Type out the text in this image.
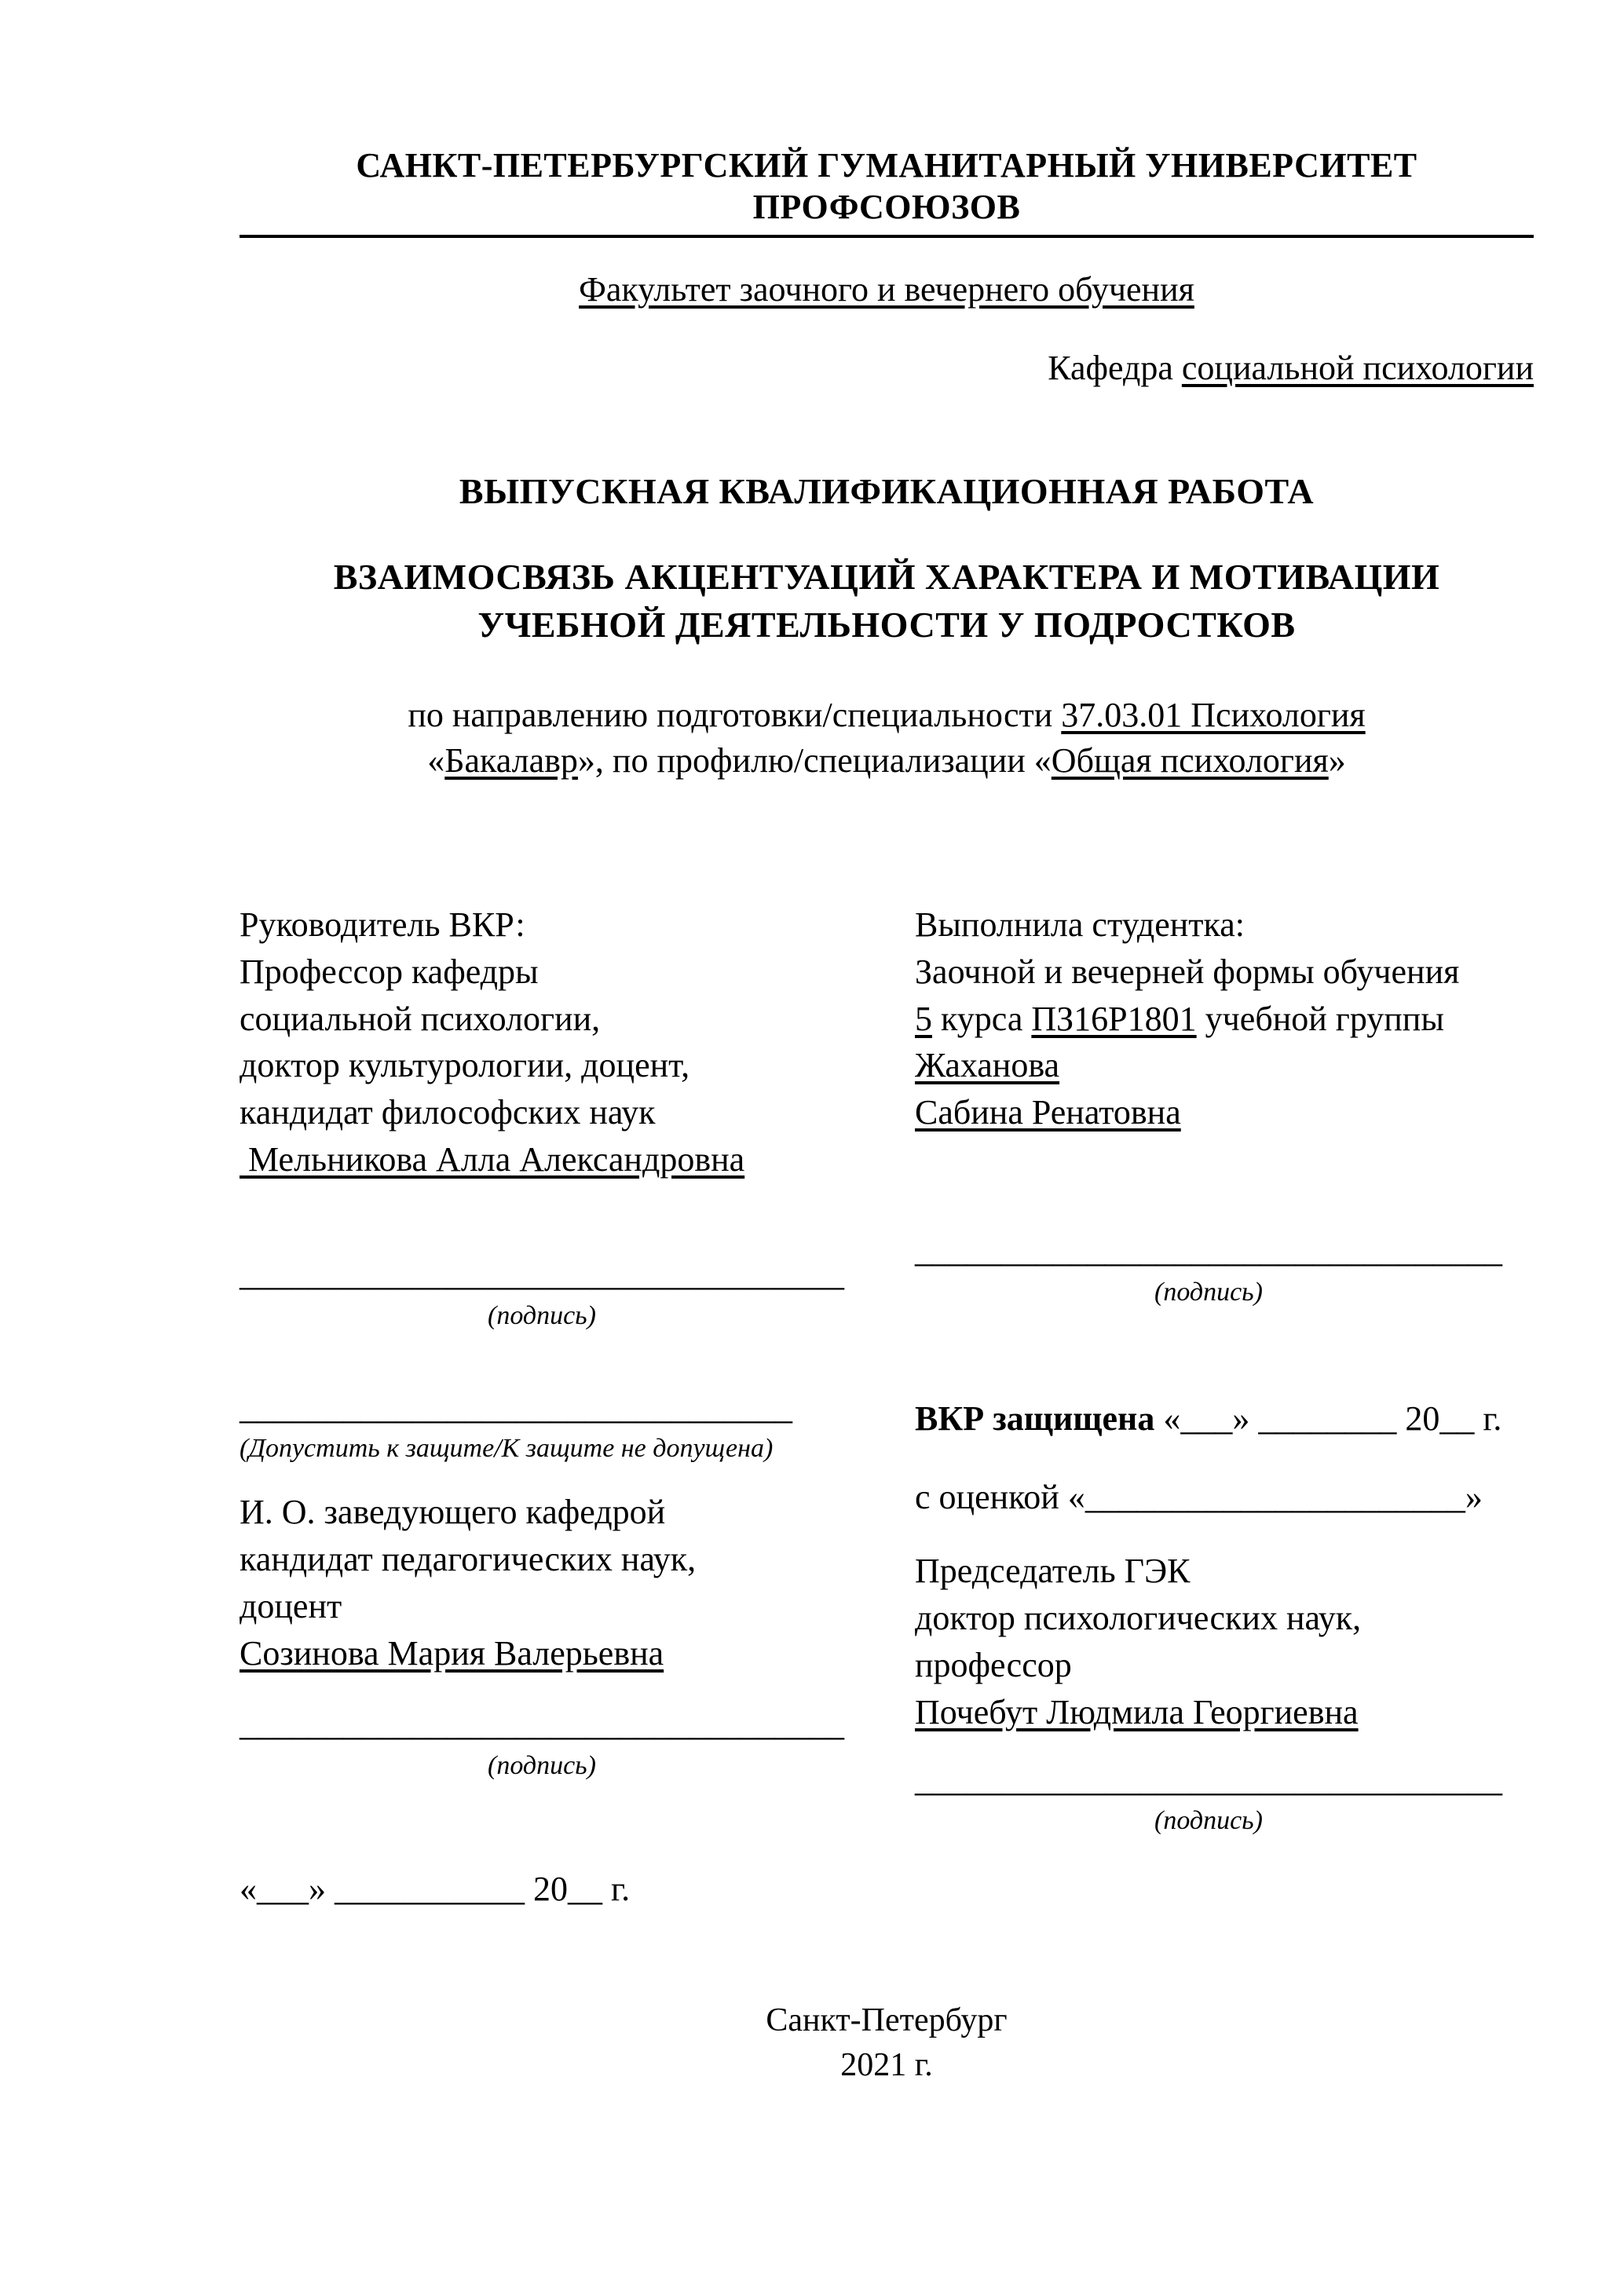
САНКТ-ПЕТЕРБУРГСКИЙ ГУМАНИТАРНЫЙ УНИВЕРСИТЕТ ПРОФСОЮЗОВ
Факультет заочного и вечернего обучения
Кафедра социальной психологии
ВЫПУСКНАЯ КВАЛИФИКАЦИОННАЯ РАБОТА
ВЗАИМОСВЯЗЬ АКЦЕНТУАЦИЙ ХАРАКТЕРА И МОТИВАЦИИ
УЧЕБНОЙ ДЕЯТЕЛЬНОСТИ У ПОДРОСТКОВ
по направлению подготовки/специальности 37.03.01 Психология
«Бакалавр», по профилю/специализации «Общая психология»
Руководитель ВКР:
Профессор кафедры
социальной психологии,
доктор культурологии, доцент,
кандидат философских наук
Мельникова Алла Александровна
___________________________________
(подпись)
________________________________
(Допустить к защите/К защите не допущена)
И. О. заведующего кафедрой
кандидат педагогических наук,
доцент
Созинова Мария Валерьевна
___________________________________
(подпись)
«___» ___________ 20__ г.
Выполнила студентка:
Заочной и вечерней формы обучения
5 курса ПЗ16Р1801 учебной группы
Жаханова
Сабина Ренатовна
__________________________________
(подпись)
ВКР защищена «___» ________ 20__ г.
с оценкой «______________________»
Председатель ГЭК
доктор психологических наук,
профессор
Почебут Людмила Георгиевна
__________________________________
(подпись)
Санкт-Петербург
2021 г.
